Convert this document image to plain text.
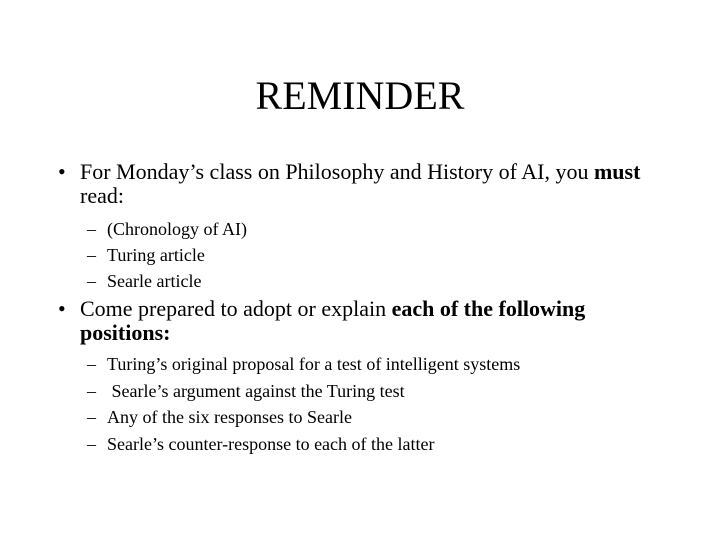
REMINDER
• For Monday’s class on Philosophy and History of AI, you must read:
– (Chronology of AI)
– Turing article
– Searle article
• Come prepared to adopt or explain each of the following positions:
– Turing’s original proposal for a test of intelligent systems
– Searle’s argument against the Turing test
– Any of the six responses to Searle
– Searle’s counter-response to each of the latter
